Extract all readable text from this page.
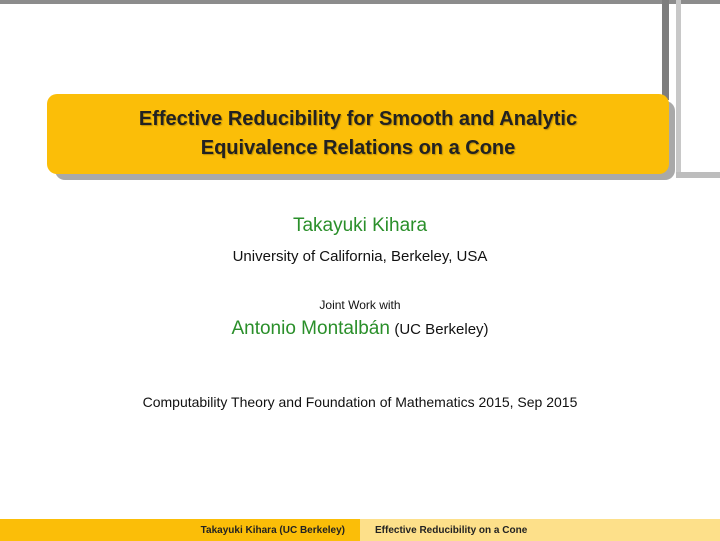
Effective Reducibility for Smooth and Analytic
Equivalence Relations on a Cone
Takayuki Kihara
University of California, Berkeley, USA
Joint Work with
Antonio Montalbán (UC Berkeley)
Computability Theory and Foundation of Mathematics 2015, Sep 2015
Takayuki Kihara (UC Berkeley)	Effective Reducibility on a Cone
